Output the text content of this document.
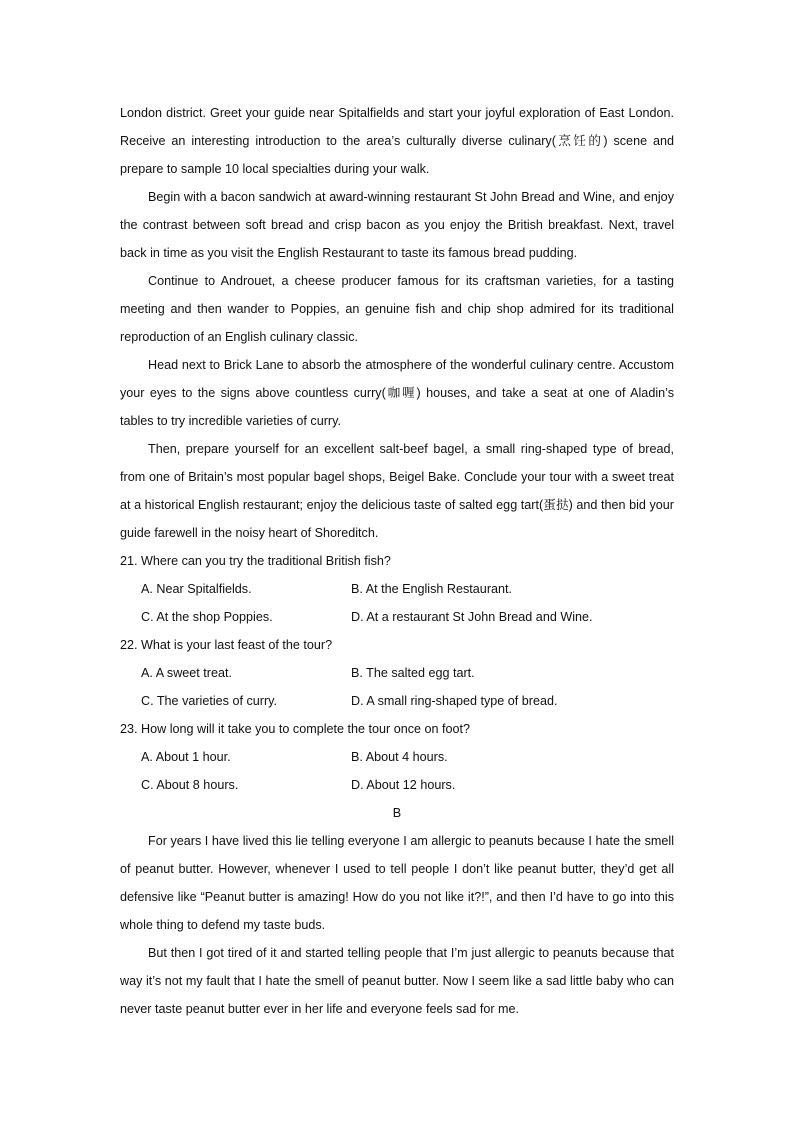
London district. Greet your guide near Spitalfields and start your joyful exploration of East London. Receive an interesting introduction to the area’s culturally diverse culinary(烹饪的) scene and prepare to sample 10 local specialties during your walk.

Begin with a bacon sandwich at award-winning restaurant St John Bread and Wine, and enjoy the contrast between soft bread and crisp bacon as you enjoy the British breakfast. Next, travel back in time as you visit the English Restaurant to taste its famous bread pudding.

Continue to Androuet, a cheese producer famous for its craftsman varieties, for a tasting meeting and then wander to Poppies, an genuine fish and chip shop admired for its traditional reproduction of an English culinary classic.

Head next to Brick Lane to absorb the atmosphere of the wonderful culinary centre. Accustom your eyes to the signs above countless curry(咖喱) houses, and take a seat at one of Aladin’s tables to try incredible varieties of curry.

Then, prepare yourself for an excellent salt-beef bagel, a small ring-shaped type of bread, from one of Britain’s most popular bagel shops, Beigel Bake. Conclude your tour with a sweet treat at a historical English restaurant; enjoy the delicious taste of salted egg tart(蛋挞) and then bid your guide farewell in the noisy heart of Shoreditch.

21. Where can you try the traditional British fish?
A. Near Spitalfields.	B. At the English Restaurant.
C. At the shop Poppies.	D. At a restaurant St John Bread and Wine.
22. What is your last feast of the tour?
A. A sweet treat.	B. The salted egg tart.
C. The varieties of curry.	D. A small ring-shaped type of bread.
23. How long will it take you to complete the tour once on foot?
A. About 1 hour.	B. About 4 hours.
C. About 8 hours.	D. About 12 hours.
B

For years I have lived this lie telling everyone I am allergic to peanuts because I hate the smell of peanut butter. However, whenever I used to tell people I don’t like peanut butter, they’d get all defensive like “Peanut butter is amazing! How do you not like it?!”, and then I’d have to go into this whole thing to defend my taste buds.

But then I got tired of it and started telling people that I’m just allergic to peanuts because that way it’s not my fault that I hate the smell of peanut butter. Now I seem like a sad little baby who can never taste peanut butter ever in her life and everyone feels sad for me.
